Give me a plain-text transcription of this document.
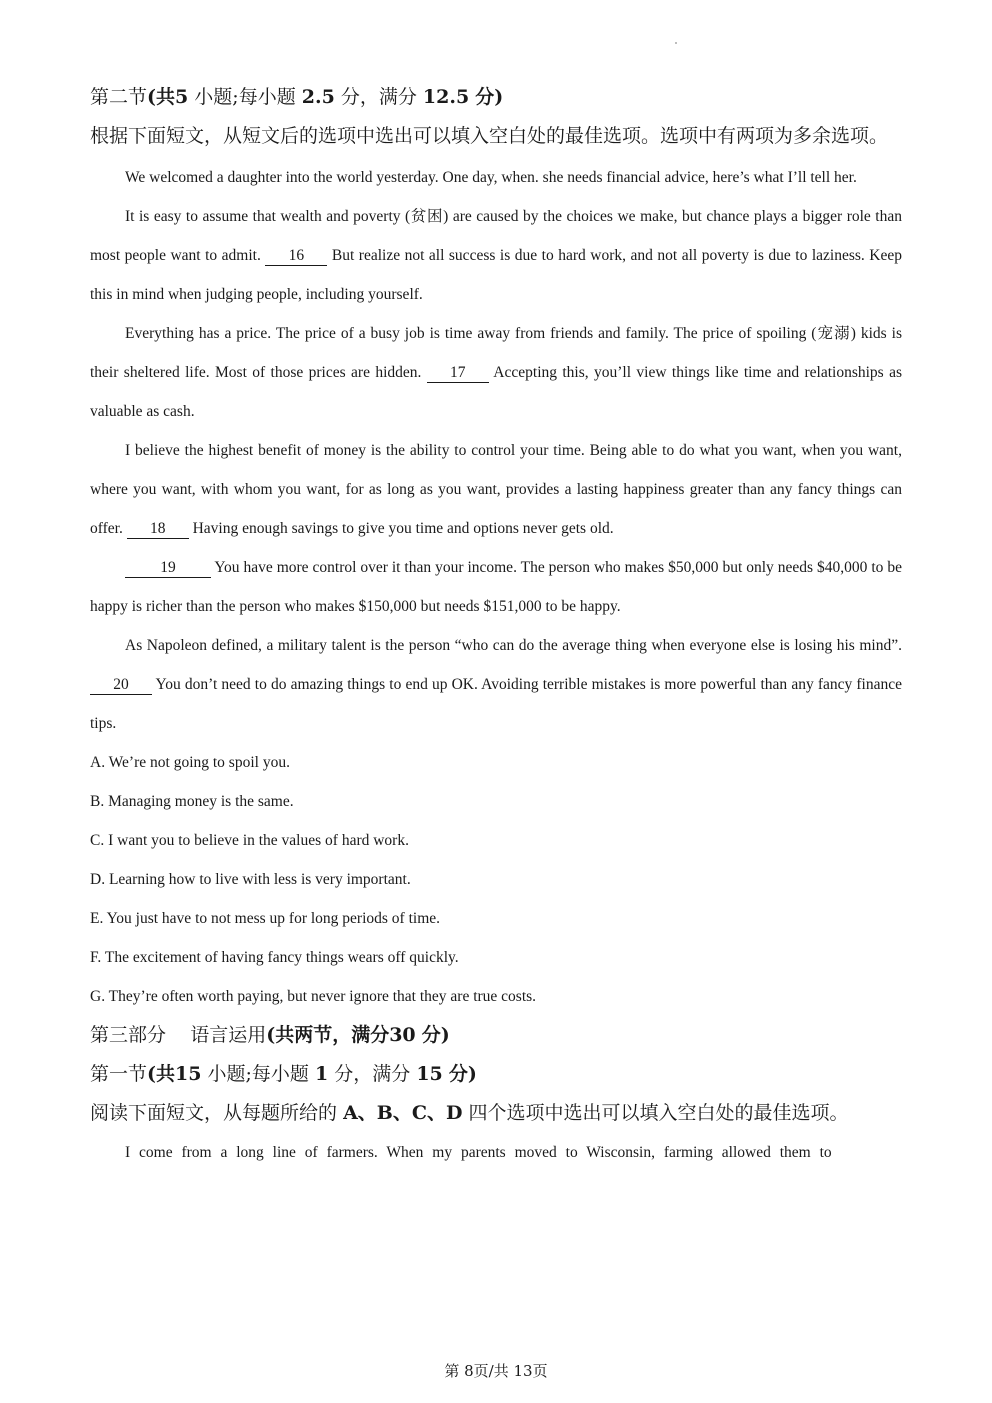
第二节(共5 小题;每小题 2.5 分，满分 12.5 分)

根据下面短文，从短文后的选项中选出可以填入空白处的最佳选项。选项中有两项为多余选项。

We welcomed a daughter into the world yesterday. One day, when. she needs financial advice, here’s what I’ll tell her.

It is easy to assume that wealth and poverty (贫困) are caused by the choices we make, but chance plays a bigger role than most people want to admit. 16 But realize not all success is due to hard work, and not all poverty is due to laziness. Keep this in mind when judging people, including yourself.

Everything has a price. The price of a busy job is time away from friends and family. The price of spoiling (宠溺) kids is their sheltered life. Most of those prices are hidden. 17 Accepting this, you’ll view things like time and relationships as valuable as cash.

I believe the highest benefit of money is the ability to control your time. Being able to do what you want, when you want, where you want, with whom you want, for as long as you want, provides a lasting happiness greater than any fancy things can offer. 18 Having enough savings to give you time and options never gets old.

19 You have more control over it than your income. The person who makes $50,000 but only needs $40,000 to be happy is richer than the person who makes $150,000 but needs $151,000 to be happy.

As Napoleon defined, a military talent is the person “who can do the average thing when everyone else is losing his mind”. 20 You don’t need to do amazing things to end up OK. Avoiding terrible mistakes is more powerful than any fancy finance tips.

A. We’re not going to spoil you.

B. Managing money is the same.

C. I want you to believe in the values of hard work.

D. Learning how to live with less is very important.

E. You just have to not mess up for long periods of time.

F. The excitement of having fancy things wears off quickly.

G. They’re often worth paying, but never ignore that they are true costs.

第三部分 语言运用(共两节，满分30 分)

第一节(共15 小题;每小题 1 分，满分 15 分)

阅读下面短文，从每题所给的 A、B、C、D 四个选项中选出可以填入空白处的最佳选项。

I come from a long line of farmers. When my parents moved to Wisconsin, farming allowed them to

第 8页/共 13页
